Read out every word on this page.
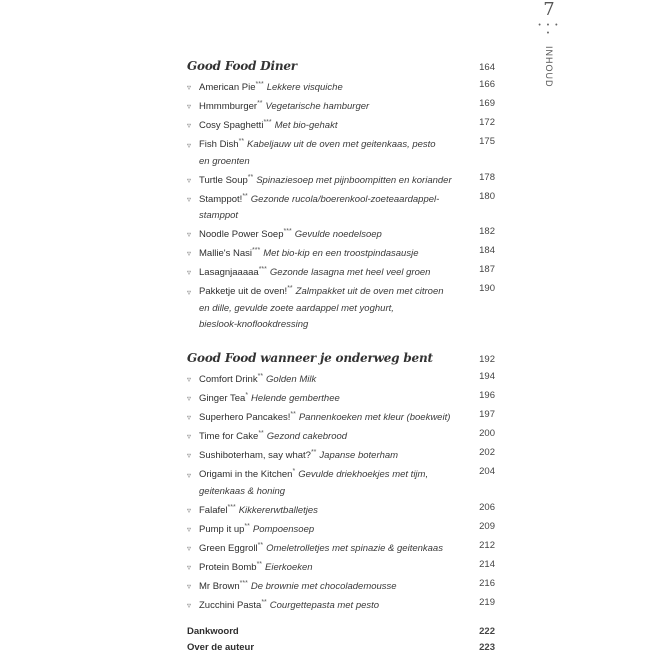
7
• • • •
INHOUD
Good Food Diner	164
▿ American Pie*** Lekkere visquiche	166
▿ Hmmmburger** Vegetarische hamburger	169
▿ Cosy Spaghetti*** Met bio-gehakt	172
▿ Fish Dish** Kabeljauw uit de oven met geitenkaas, pesto	175
en groenten
▿ Turtle Soup** Spinaziesoep met pijnboompitten en koriander	178
▿ Stamppot!** Gezonde rucola/boerenkool-zoeteaardappel-	180
stamppot
▿ Noodle Power Soep*** Gevulde noedelsoep	182
▿ Mallie's Nasi*** Met bio-kip en een troostpindasausje	184
▿ Lasagnjaaaaa*** Gezonde lasagna met heel veel groen	187
▿ Pakketje uit de oven!** Zalmpakket uit de oven met citroen	190
en dille, gevulde zoete aardappel met yoghurt,
bieslook-knoflookdressing
Good Food wanneer je onderweg bent	192
▿ Comfort Drink** Golden Milk	194
▿ Ginger Tea* Helende gemberthee	196
▿ Superhero Pancakes!** Pannenkoeken met kleur (boekweit)	197
▿ Time for Cake** Gezond cakebrood	200
▿ Sushiboterham, say what?** Japanse boterham	202
▿ Origami in the Kitchen* Gevulde driekhoekjes met tijm,	204
geitenkaas & honing
▿ Falafel*** Kikkererwtballetjes	206
▿ Pump it up** Pompoensoep	209
▿ Green Eggroll** Omeletrolletjes met spinazie & geitenkaas	212
▿ Protein Bomb** Eierkoeken	214
▿ Mr Brown*** De brownie met chocolademousse	216
▿ Zucchini Pasta** Courgettepasta met pesto	219
Dankwoord	222
Over de auteur	223
